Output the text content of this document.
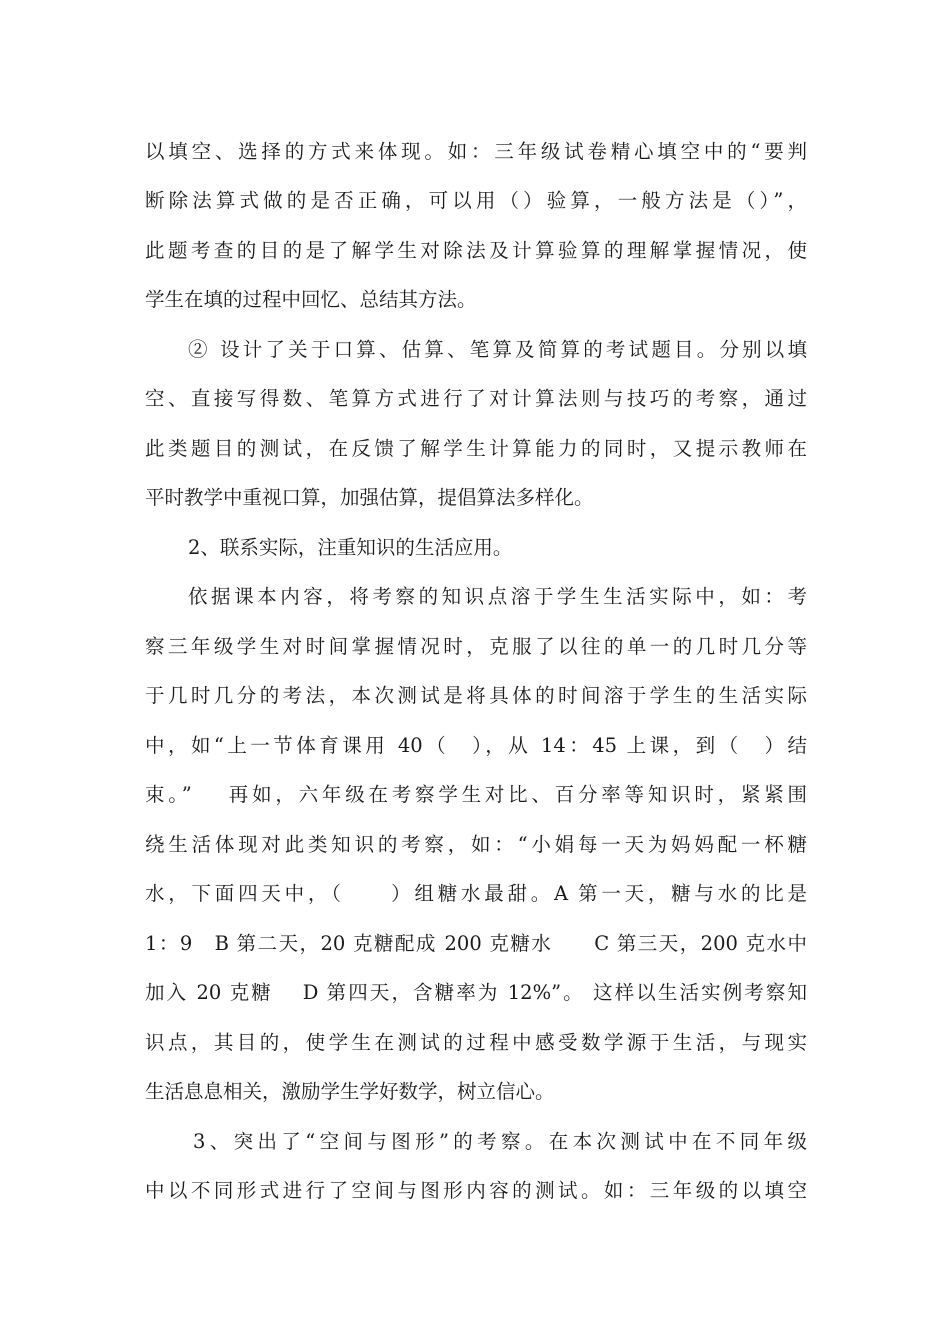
以填空、选择的方式来体现。如：三年级试卷精心填空中的“要判
断除法算式做的是否正确，可以用（）验算，一般方法是（）”，
此题考查的目的是了解学生对除法及计算验算的理解掌握情况，使
学生在填的过程中回忆、总结其方法。
② 设计了关于口算、估算、笔算及简算的考试题目。分别以填
空、直接写得数、笔算方式进行了对计算法则与技巧的考察，通过
此类题目的测试，在反馈了解学生计算能力的同时，又提示教师在
平时教学中重视口算，加强估算，提倡算法多样化。
2、联系实际，注重知识的生活应用。
依据课本内容，将考察的知识点溶于学生生活实际中，如：考
察三年级学生对时间掌握情况时，克服了以往的单一的几时几分等
于几时几分的考法，本次测试是将具体的时间溶于学生的生活实际
中，如“上一节体育课用 40（　），从 14：45 上课，到（　）结
束。”　 再如，六年级在考察学生对比、百分率等知识时，紧紧围
绕生活体现对此类知识的考察，如：“小娟每一天为妈妈配一杯糖
水，下面四天中，（　　）组糖水最甜。A 第一天，糖与水的比是
1：9　B 第二天，20 克糖配成 200 克糖水　　C 第三天，200 克水中
加入 20 克糖　 D 第四天，含糖率为 12%”。 这样以生活实例考察知
识点，其目的，使学生在测试的过程中感受数学源于生活，与现实
生活息息相关，激励学生学好数学，树立信心。
3、突出了“空间与图形”的考察。在本次测试中在不同年级
中以不同形式进行了空间与图形内容的测试。如：三年级的以填空
